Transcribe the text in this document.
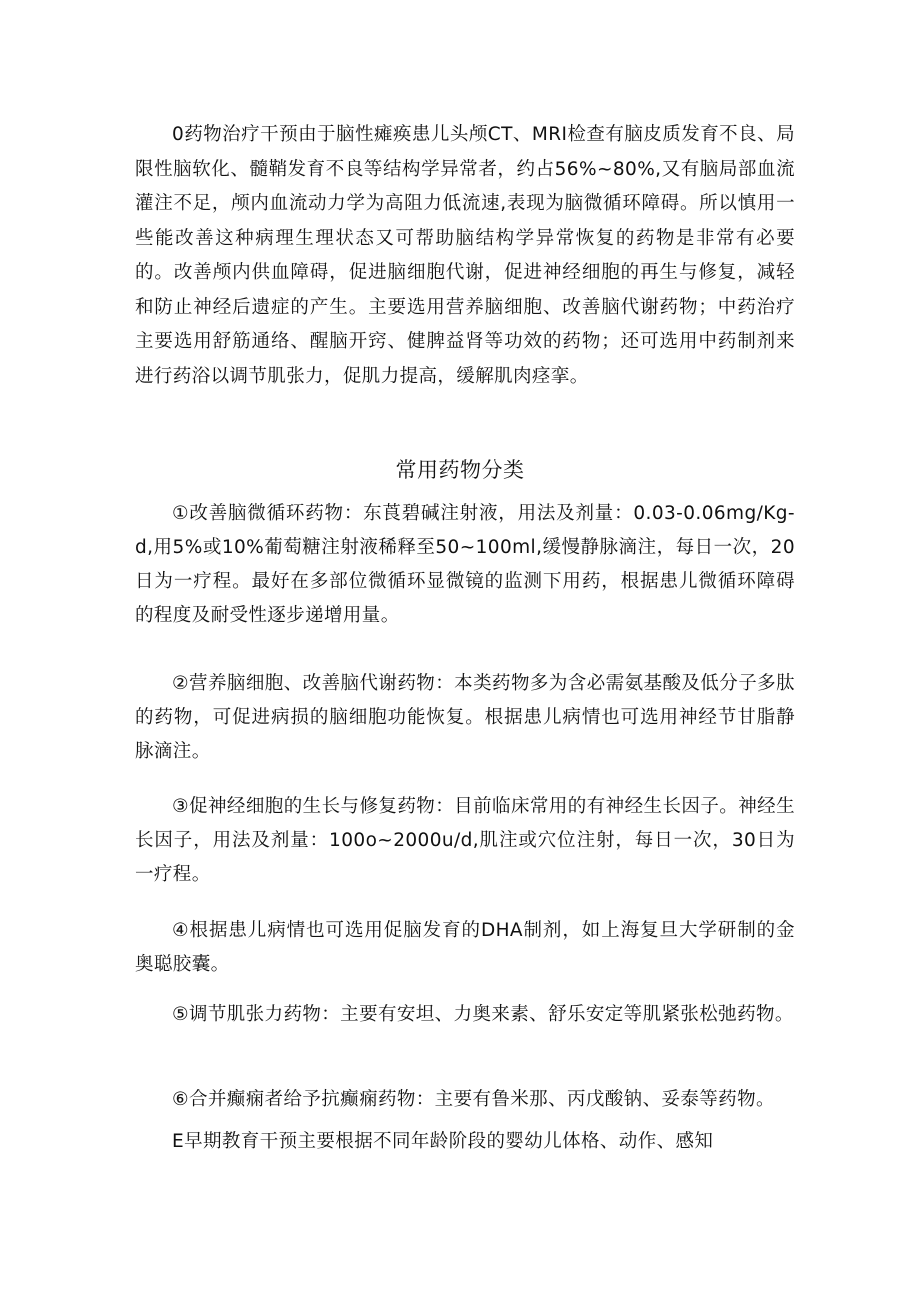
0药物治疗干预由于脑性瘫痪患儿头颅CT、MRI检查有脑皮质发育不良、局限性脑软化、髓鞘发育不良等结构学异常者，约占56%~80%,又有脑局部血流灌注不足，颅内血流动力学为高阻力低流速,表现为脑微循环障碍。所以慎用一些能改善这种病理生理状态又可帮助脑结构学异常恢复的药物是非常有必要的。改善颅内供血障碍，促进脑细胞代谢，促进神经细胞的再生与修复，减轻和防止神经后遗症的产生。主要选用营养脑细胞、改善脑代谢药物；中药治疗主要选用舒筋通络、醒脑开窍、健脾益肾等功效的药物；还可选用中药制剂来进行药浴以调节肌张力，促肌力提高，缓解肌肉痉挛。

常用药物分类

①改善脑微循环药物：东莨碧碱注射液，用法及剂量：0.03-0.06mg∕Kg-d,用5%或10%葡萄糖注射液稀释至50~100ml,缓慢静脉滴注，每日一次，20日为一疗程。最好在多部位微循环显微镜的监测下用药，根据患儿微循环障碍的程度及耐受性逐步递增用量。

②营养脑细胞、改善脑代谢药物：本类药物多为含必需氨基酸及低分子多肽的药物，可促进病损的脑细胞功能恢复。根据患儿病情也可选用神经节甘脂静脉滴注。

③促神经细胞的生长与修复药物：目前临床常用的有神经生长因子。神经生长因子，用法及剂量：100o~2000u∕d,肌注或穴位注射，每日一次，30日为一疗程。

④根据患儿病情也可选用促脑发育的DHA制剂，如上海复旦大学研制的金奥聪胶囊。

⑤调节肌张力药物：主要有安坦、力奥来素、舒乐安定等肌紧张松弛药物。

⑥合并癫痫者给予抗癫痫药物：主要有鲁米那、丙戊酸钠、妥泰等药物。

E早期教育干预主要根据不同年龄阶段的婴幼儿体格、动作、感知
